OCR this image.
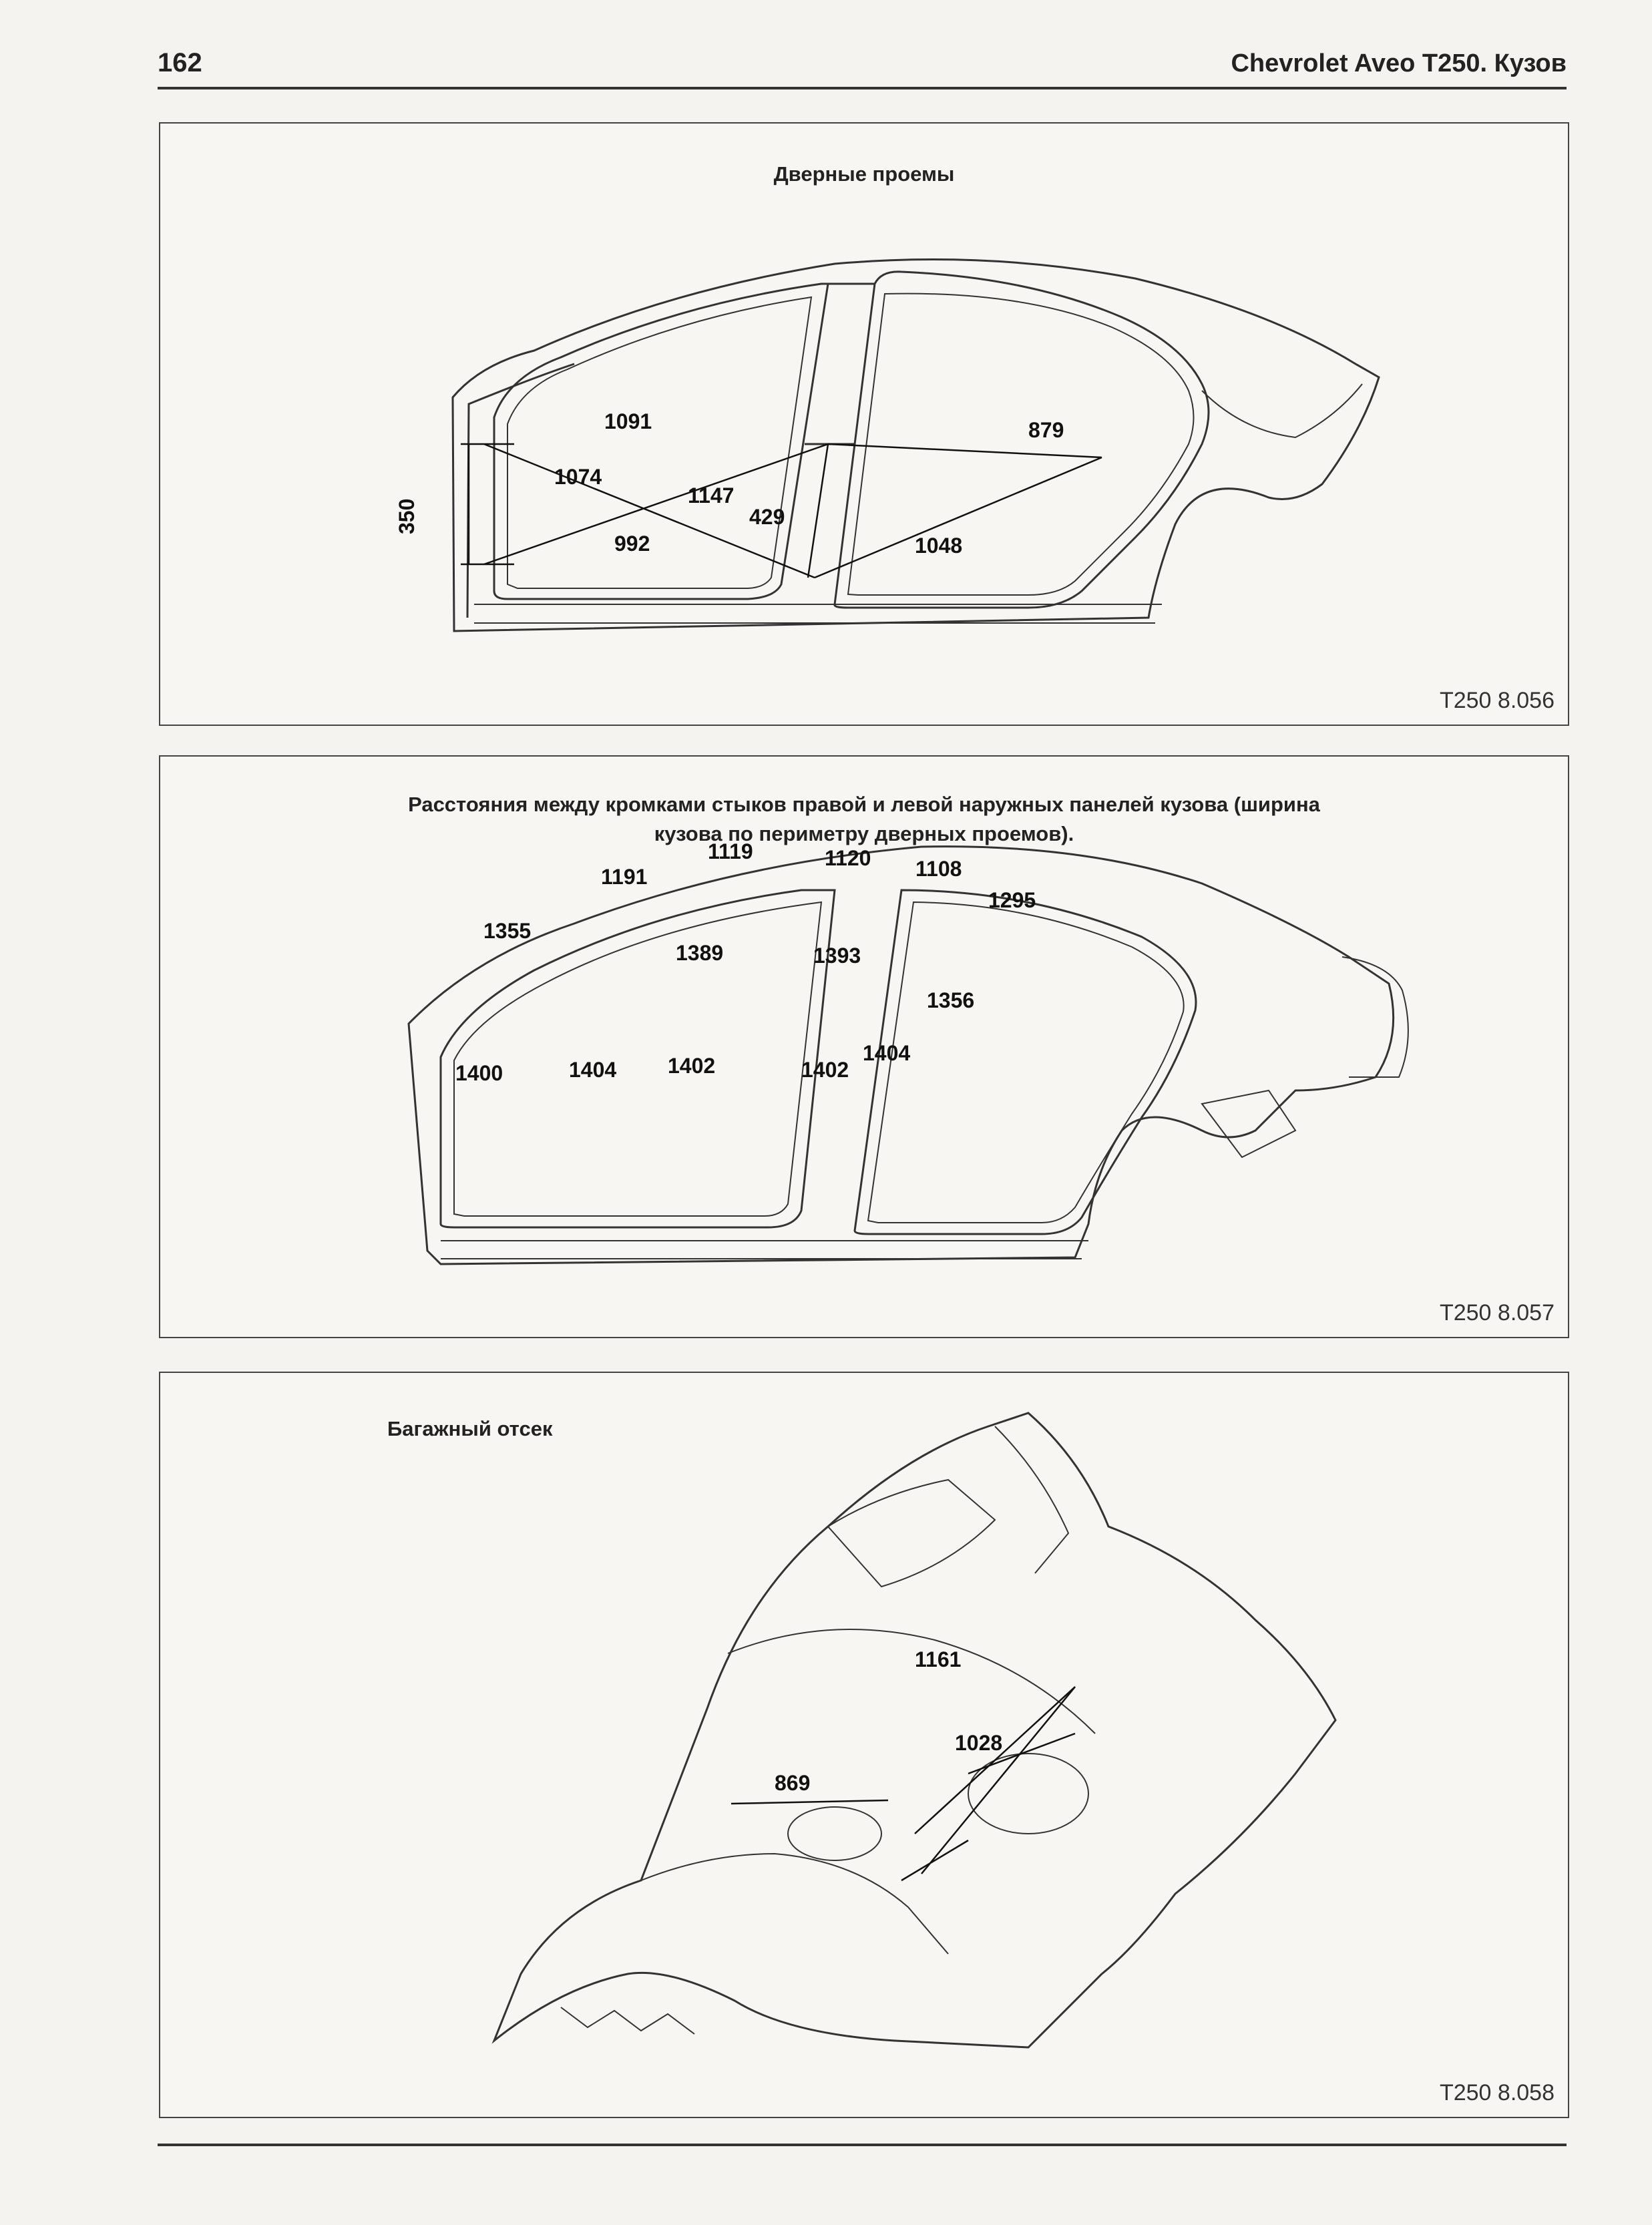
162	Chevrolet Aveo T250. Кузов
Дверные проемы
1091	879
1074
1147
429
992	1048
350
T250 8.056
Расстояния между кромками стыков правой и левой наружных панелей кузова (ширина
кузова по периметру дверных проемов).
1119	1120
1191	1108
1295
1355
1389	1393
1356
1400	1404 1402	1402
1404
T250 8.057
Багажный отсек
1161
1028
869
T250 8.058
